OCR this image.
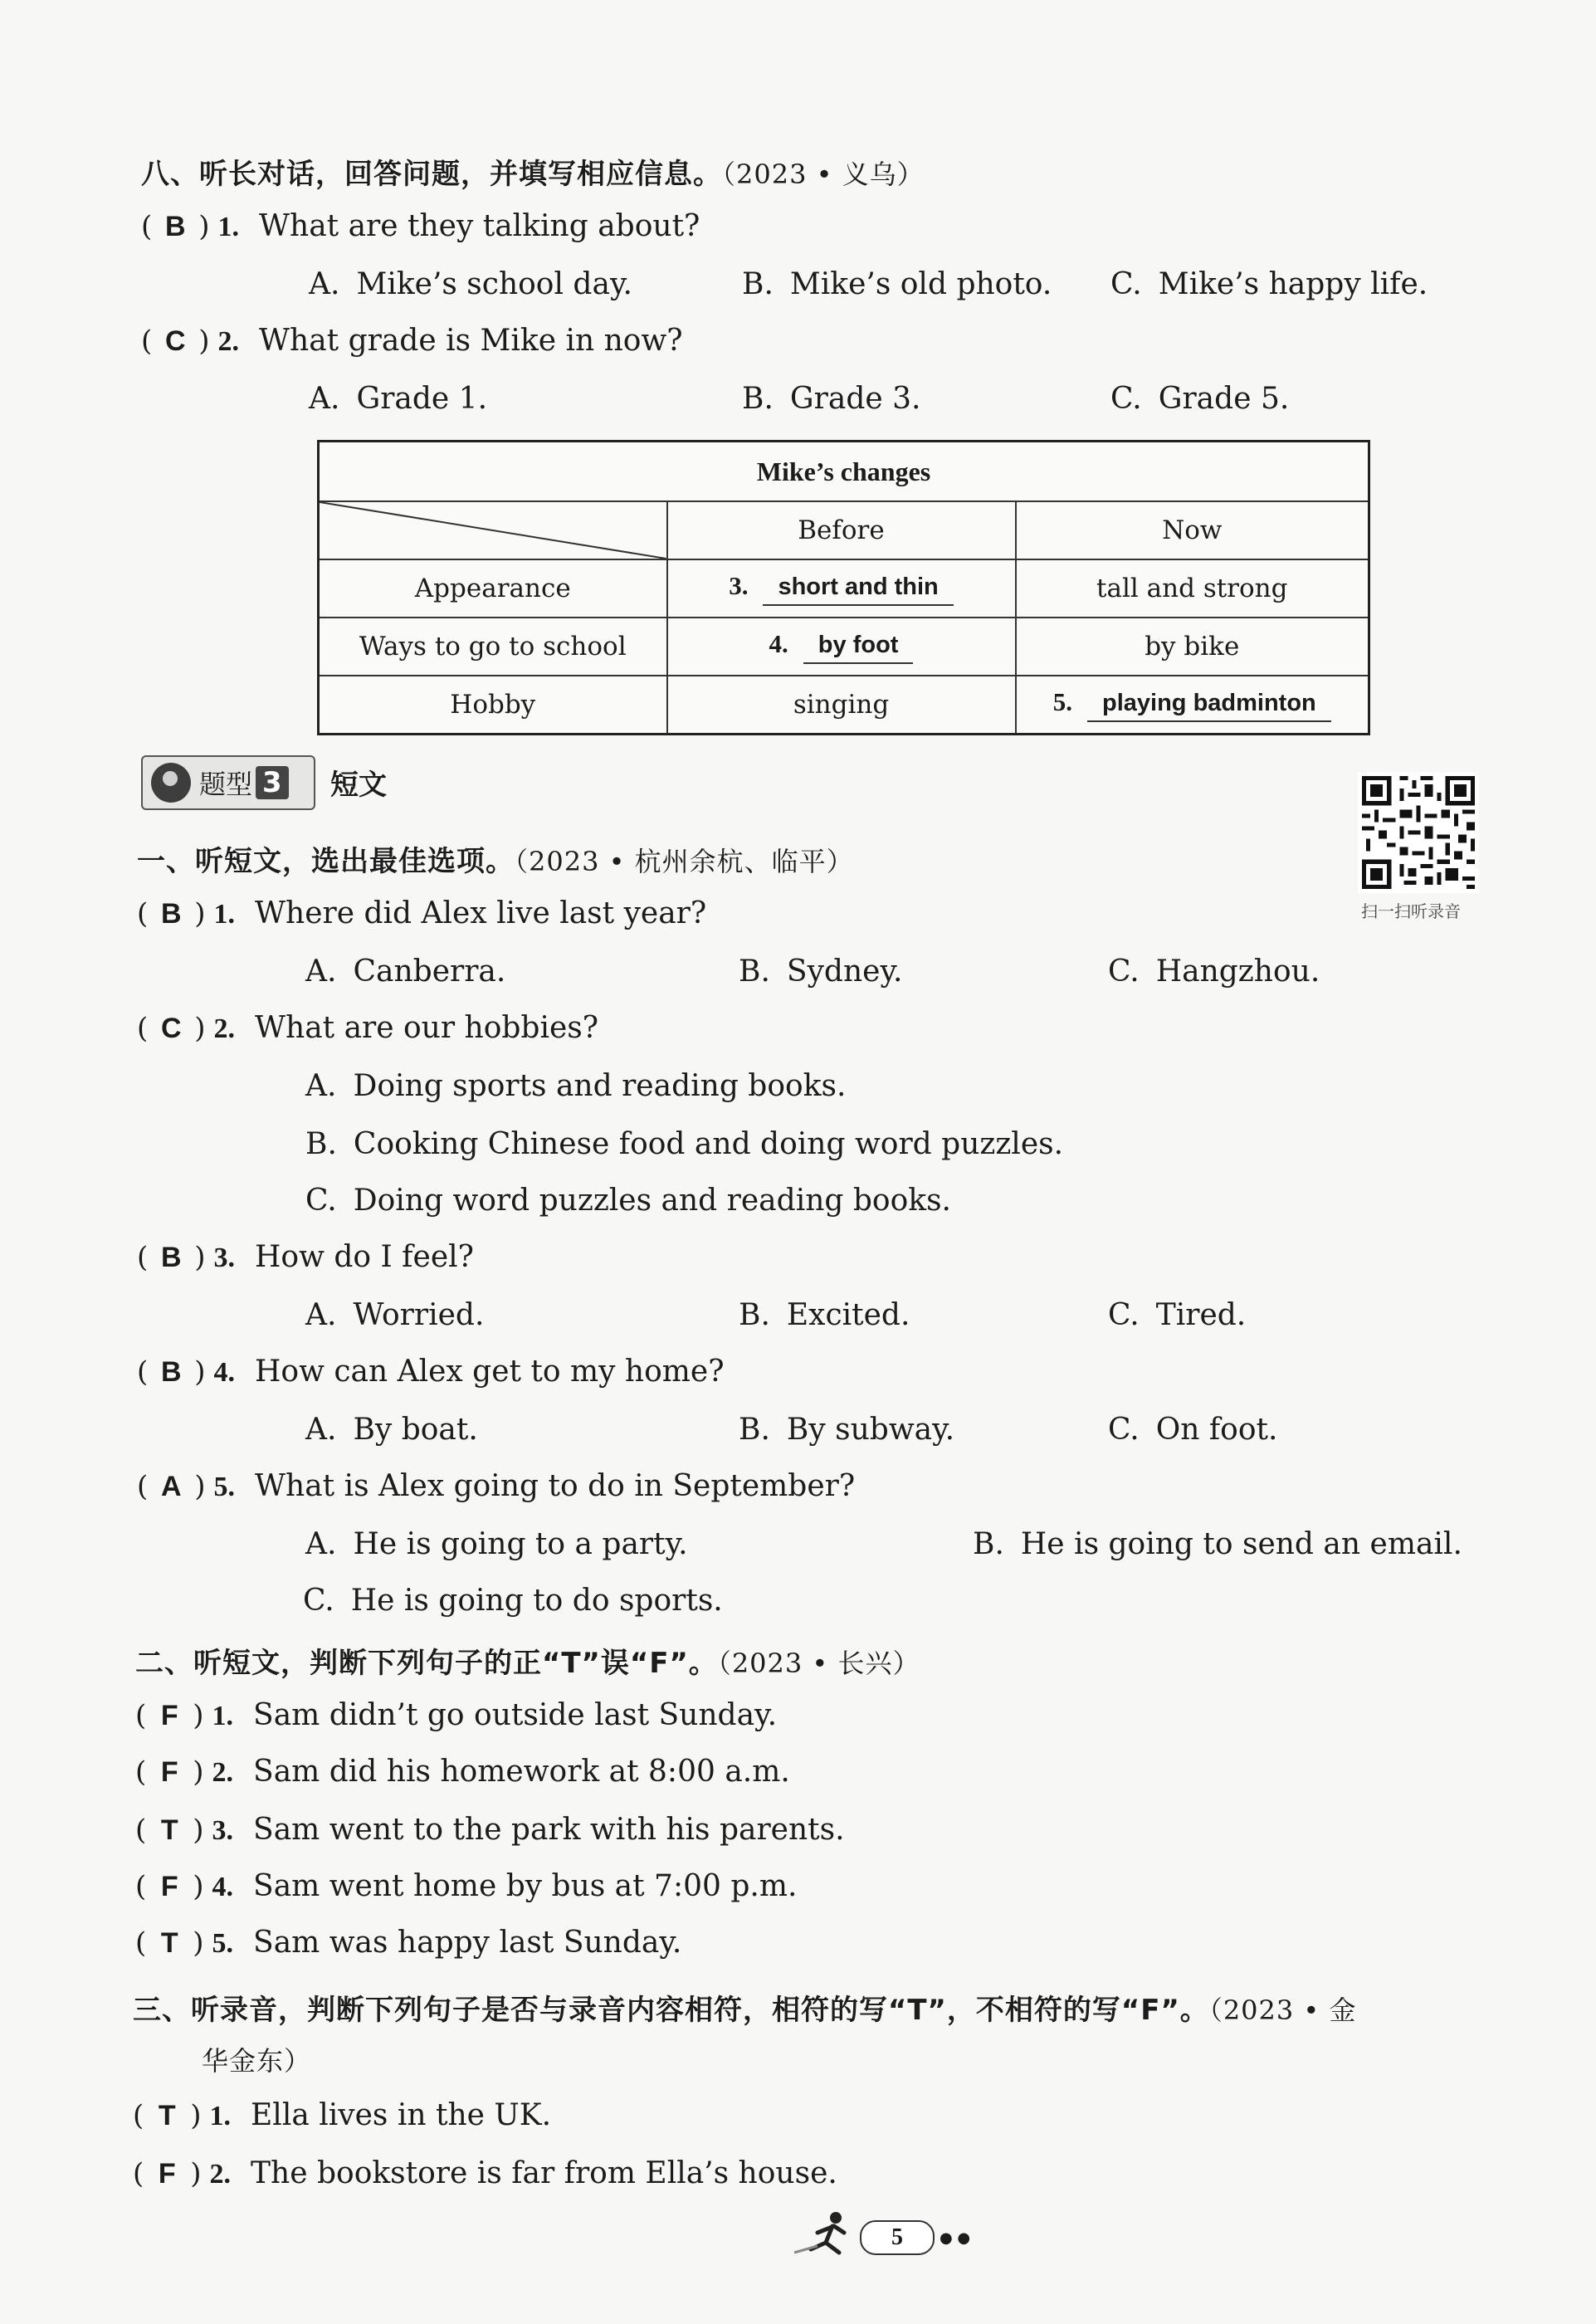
八、听长对话，回答问题，并填写相应信息。（2023 • 义乌）
( B ) 1. What are they talking about?
A. Mike’s school day.	B. Mike’s old photo. C. Mike’s happy life.
( C ) 2. What grade is Mike in now?
A. Grade 1.	B. Grade 3.	C. Grade 5.
Mike’s changes		

	Before	Now
Appearance	3. short and thin	tall and strong
Ways to go to school	4. by foot	by bike
Hobby	singing	5. playing badminton
题型 3 短文
扫一扫听录音
一、听短文，选出最佳选项。（2023 • 杭州余杭、临平）
( B ) 1. Where did Alex live last year?
A. Canberra.	B. Sydney.	C. Hangzhou.
( C ) 2. What are our hobbies?
A. Doing sports and reading books.
B. Cooking Chinese food and doing word puzzles.
C. Doing word puzzles and reading books.
( B ) 3. How do I feel?
A. Worried.	B. Excited.	C. Tired.
( B ) 4. How can Alex get to my home?
A. By boat.	B. By subway.	C. On foot.
( A ) 5. What is Alex going to do in September?
A. He is going to a party.	B. He is going to send an email.
C. He is going to do sports.
二、听短文，判断下列句子的正“T”误“F”。（2023 • 长兴）
( F ) 1. Sam didn’t go outside last Sunday.
( F ) 2. Sam did his homework at 8:00 a.m.
( T ) 3. Sam went to the park with his parents.
( F ) 4. Sam went home by bus at 7:00 p.m.
( T ) 5. Sam was happy last Sunday.
三、听录音，判断下列句子是否与录音内容相符，相符的写“T”，不相符的写“F”。（2023 • 金
华金东）
( T ) 1. Ella lives in the UK.
( F ) 2. The bookstore is far from Ella’s house.
5	● ●
